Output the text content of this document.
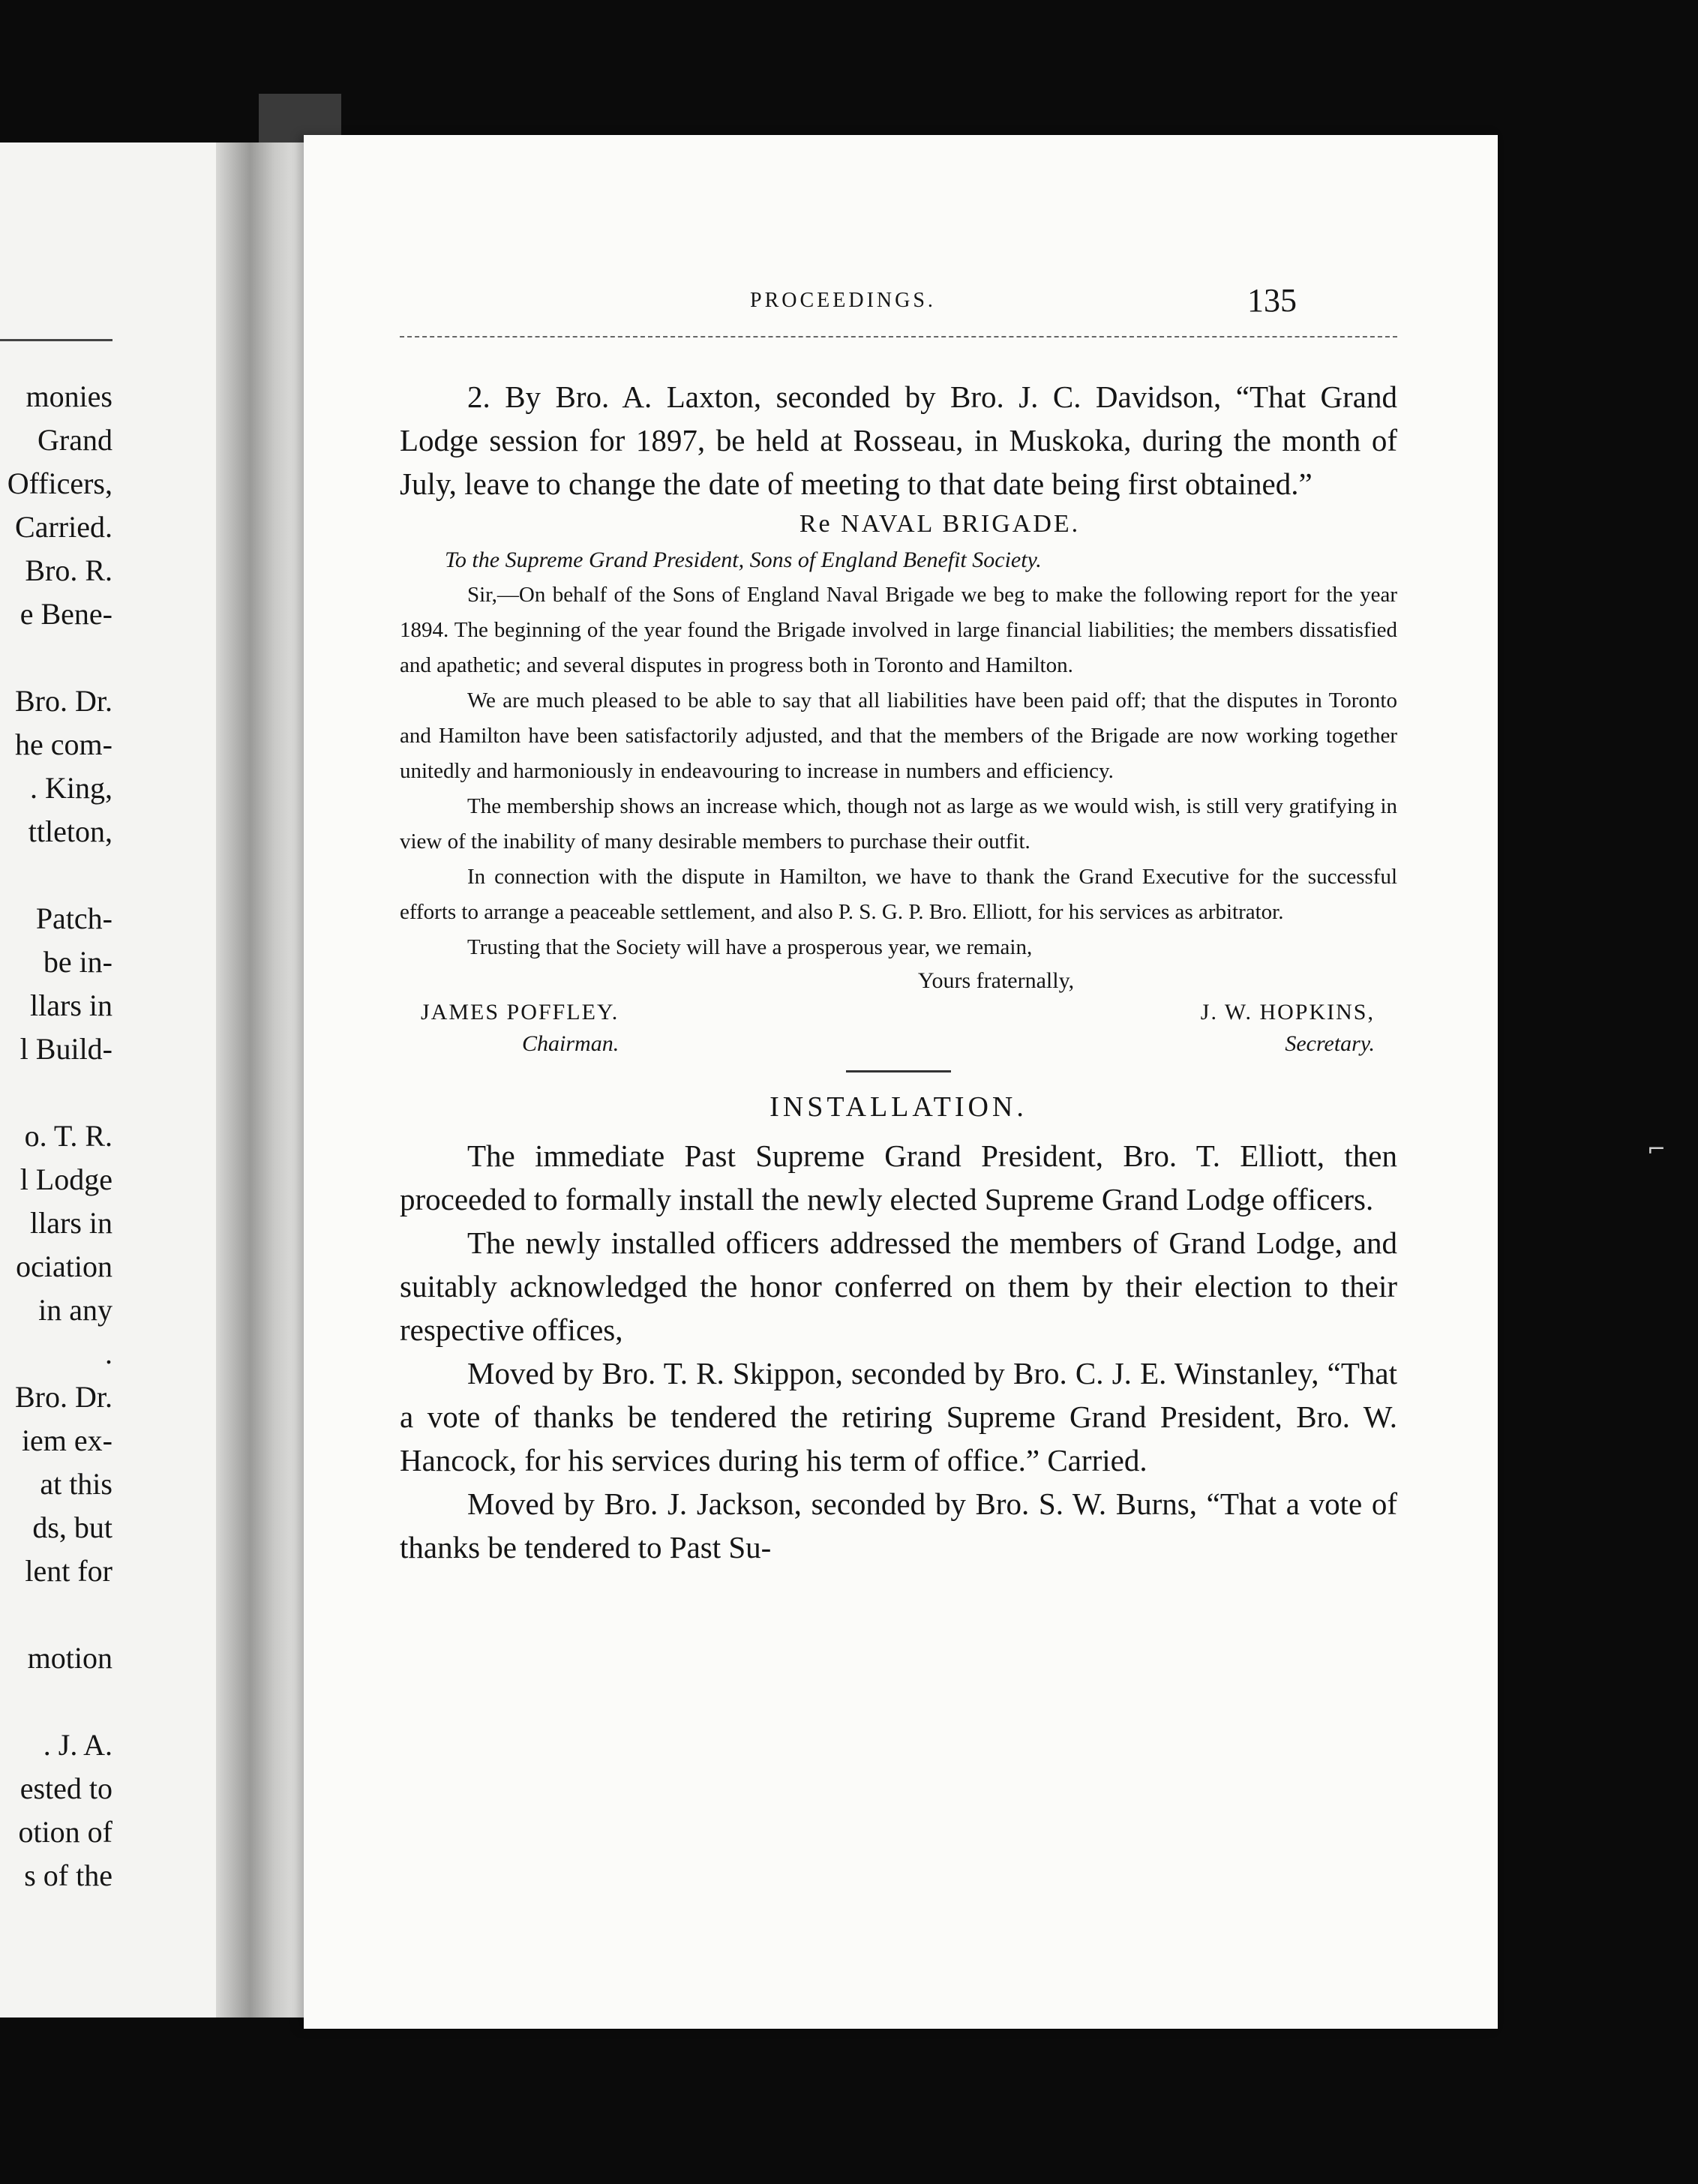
monies
Grand
Officers,
Carried.
Bro. R.
e Bene-
Bro. Dr.
he com-
. King,
ttleton,
Patch-
be in-
llars in
l Build-
o. T. R.
l Lodge
llars in
ociation
in any
.
Bro. Dr.
iem ex-
at this
ds, but
lent for
motion
. J. A.
ested to
otion of
s of the
PROCEEDINGS.	135

2. By Bro. A. Laxton, seconded by Bro. J. C. Davidson, “That Grand Lodge session for 1897, be held at Rosseau, in Muskoka, during the month of July, leave to change the date of meeting to that date being first obtained.”

Re NAVAL BRIGADE.

To the Supreme Grand President, Sons of England Benefit Society.

Sir,—On behalf of the Sons of England Naval Brigade we beg to make the following report for the year 1894. The beginning of the year found the Brigade involved in large financial liabilities; the members dissatisfied and apathetic; and several disputes in progress both in Toronto and Hamilton.

We are much pleased to be able to say that all liabilities have been paid off; that the disputes in Toronto and Hamilton have been satisfactorily adjusted, and that the members of the Brigade are now working together unitedly and harmoniously in endeavouring to increase in numbers and efficiency.

The membership shows an increase which, though not as large as we would wish, is still very gratifying in view of the inability of many desirable members to purchase their outfit.

In connection with the dispute in Hamilton, we have to thank the Grand Executive for the successful efforts to arrange a peaceable settlement, and also P. S. G. P. Bro. Elliott, for his services as arbitrator.

Trusting that the Society will have a prosperous year, we remain,

Yours fraternally,

JAMES POFFLEY.
Chairman.
J. W. HOPKINS,
Secretary.

INSTALLATION.

The immediate Past Supreme Grand President, Bro. T. Elliott, then proceeded to formally install the newly elected Supreme Grand Lodge officers.

The newly installed officers addressed the members of Grand Lodge, and suitably acknowledged the honor conferred on them by their election to their respective offices,

Moved by Bro. T. R. Skippon, seconded by Bro. C. J. E. Winstanley, “That a vote of thanks be tendered the retiring Supreme Grand President, Bro. W. Hancock, for his services during his term of office.” Carried.

Moved by Bro. J. Jackson, seconded by Bro. S. W. Burns, “That a vote of thanks be tendered to Past Su-

⌐
